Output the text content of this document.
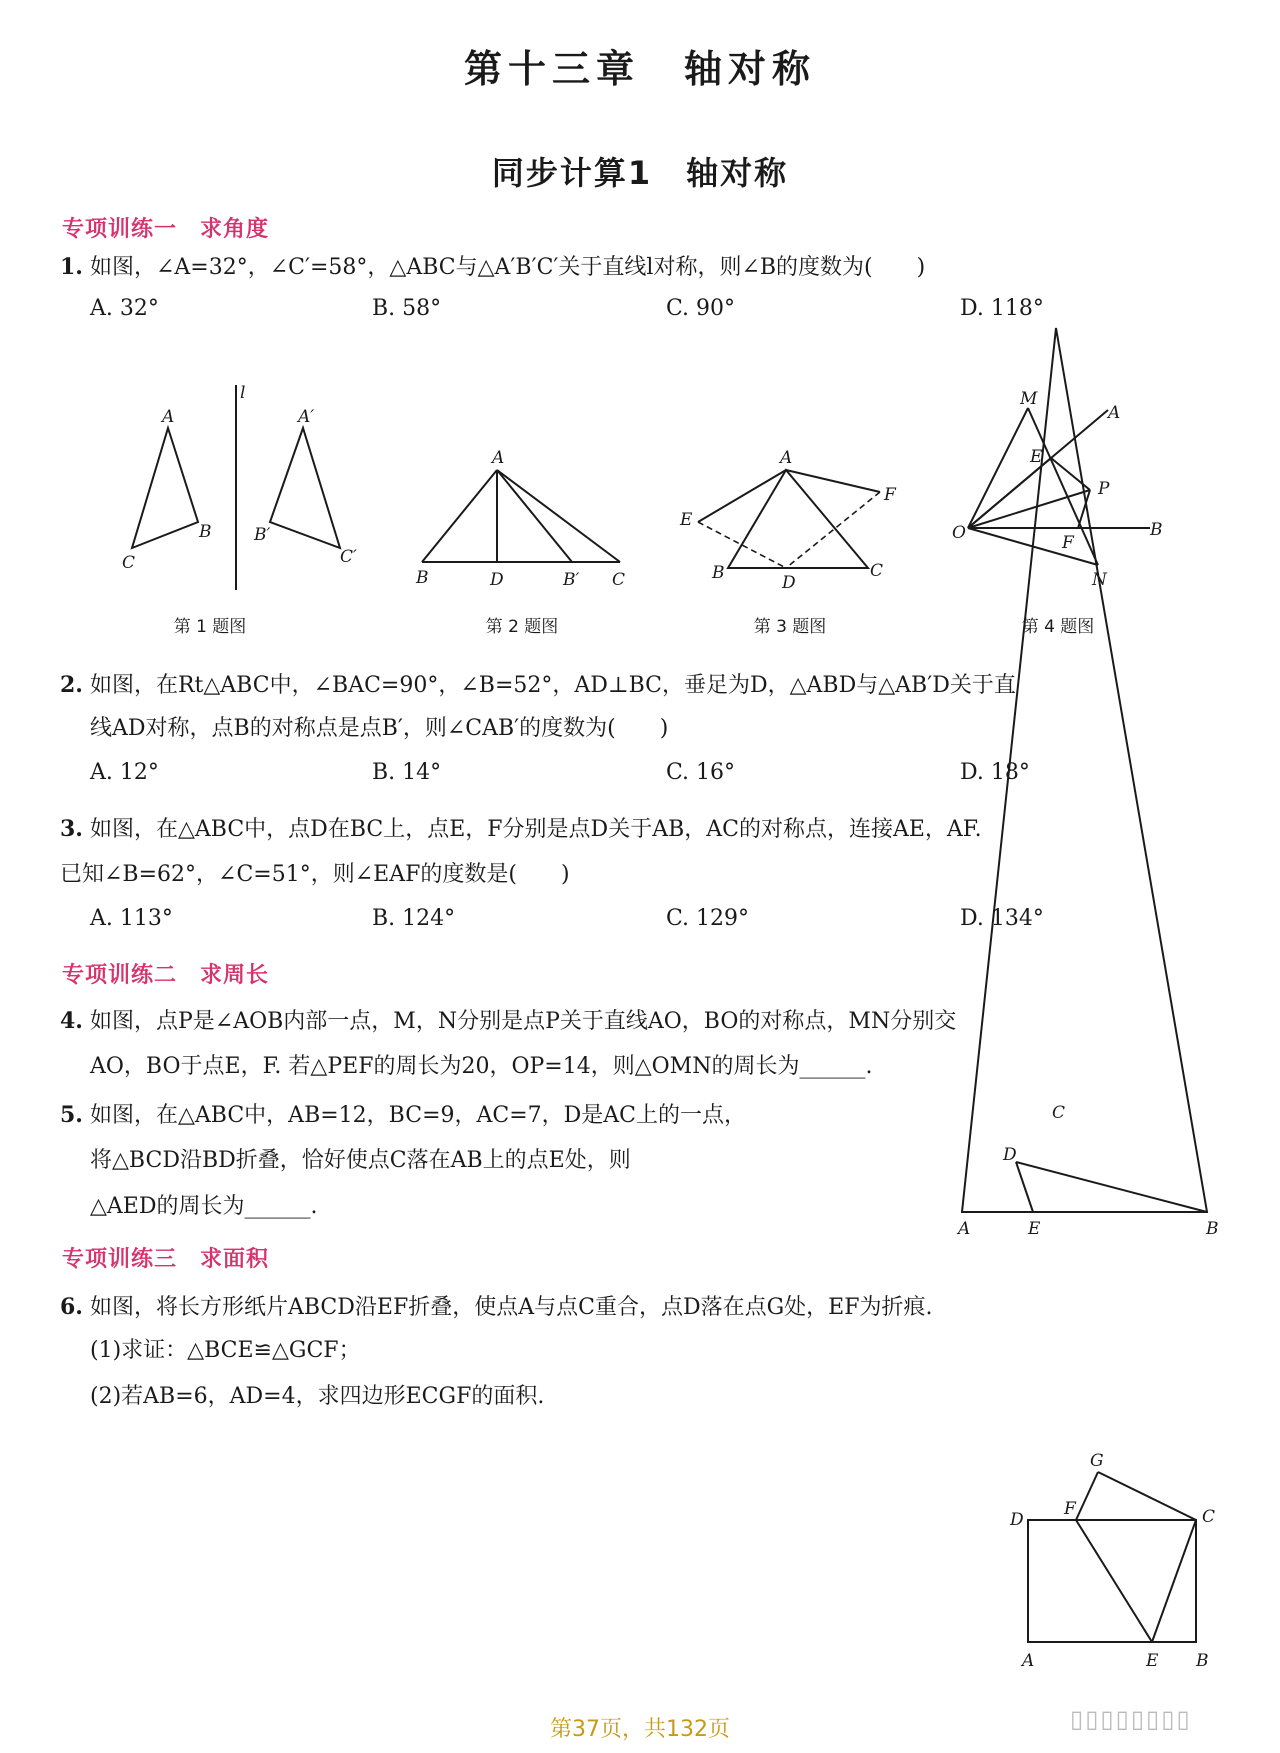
第十三章　轴对称
同步计算1　轴对称
专项训练一　求角度
1. 如图，∠A=32°，∠C′=58°，△ABC与△A′B′C′关于直线l对称，则∠B的度数为(　　)
A. 32°	B. 58°	C. 90°	D. 118°
A
B
C
l
A′
B′
C′
A
B	D	B′ C
A
E
F
B	D
C
M
A
E
P
O	F
B
N
C
D
A	E	B
G
D
F	C
A	E B
第 1 题图	第 2 题图	第 3 题图	第 4 题图
2. 如图，在Rt△ABC中，∠BAC=90°，∠B=52°，AD⊥BC，垂足为D，△ABD与△AB′D关于直
线AD对称，点B的对称点是点B′，则∠CAB′的度数为(　　)
A. 12°	B. 14°	C. 16°	D. 18°
3. 如图，在△ABC中，点D在BC上，点E，F分别是点D关于AB，AC的对称点，连接AE，AF.
已知∠B=62°，∠C=51°，则∠EAF的度数是(　　)
A. 113°	B. 124°	C. 129°	D. 134°
专项训练二　求周长
4. 如图，点P是∠AOB内部一点，M，N分别是点P关于直线AO，BO的对称点，MN分别交
AO，BO于点E，F. 若△PEF的周长为20，OP=14，则△OMN的周长为______.
5. 如图，在△ABC中，AB=12，BC=9，AC=7，D是AC上的一点，
将△BCD沿BD折叠，恰好使点C落在AB上的点E处，则
△AED的周长为______.
专项训练三　求面积
6. 如图，将长方形纸片ABCD沿EF折叠，使点A与点C重合，点D落在点G处，EF为折痕.
(1)求证：△BCE≌△GCF；
(2)若AB=6，AD=4，求四边形ECGF的面积.
第37页，共132页	▯▯▯▯▯▯▯▯
